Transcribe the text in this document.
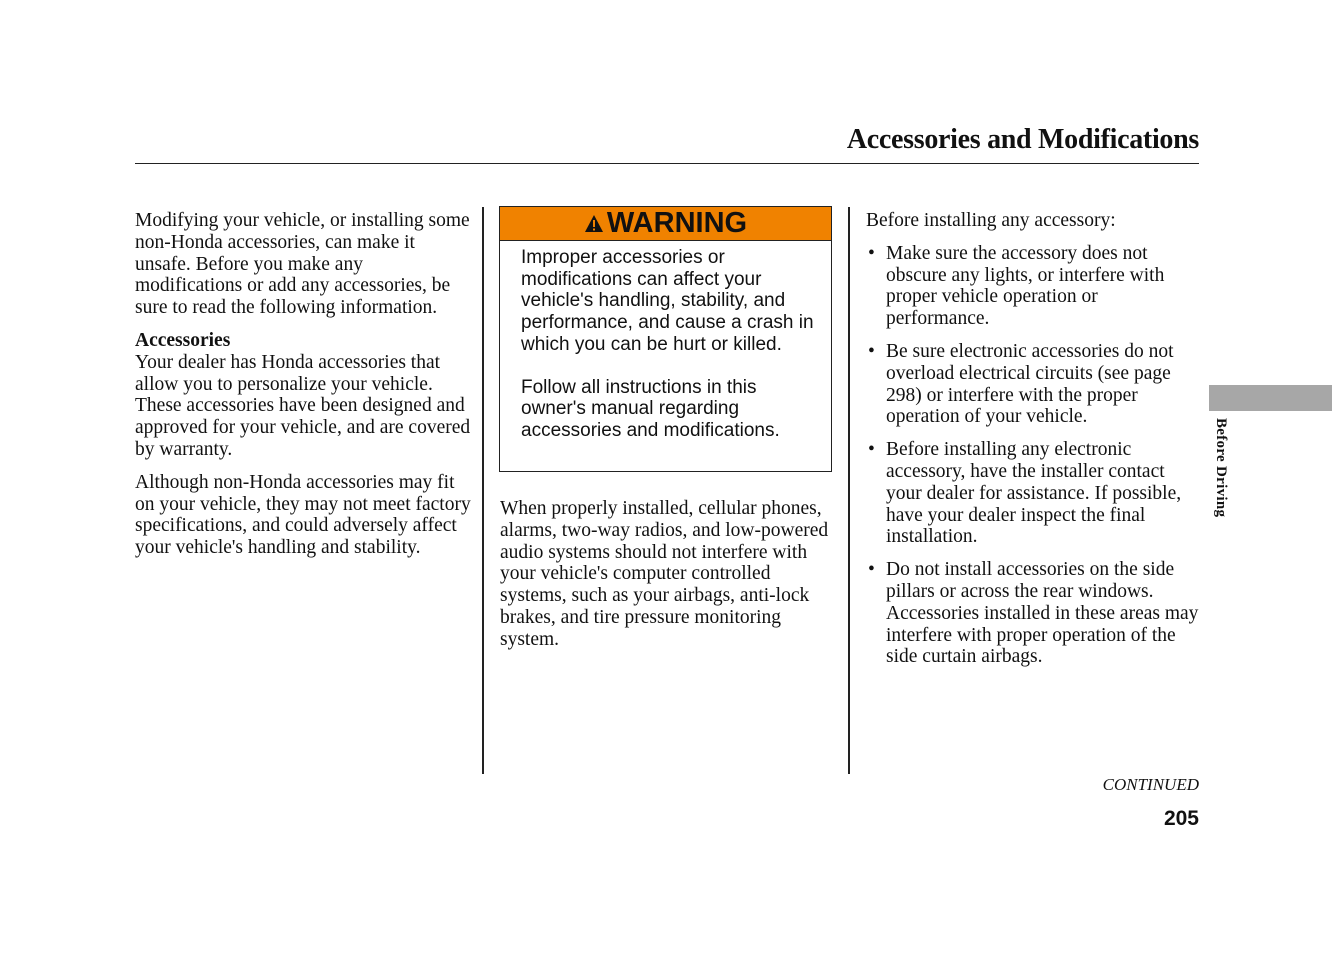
Accessories and Modifications

Modifying your vehicle, or installing some non-Honda accessories, can make it unsafe. Before you make any modifications or add any accessories, be sure to read the following information.

Accessories
Your dealer has Honda accessories that allow you to personalize your vehicle. These accessories have been designed and approved for your vehicle, and are covered by warranty.

Although non-Honda accessories may fit on your vehicle, they may not meet factory specifications, and could adversely affect your vehicle's handling and stability.

WARNING

Improper accessories or modifications can affect your vehicle's handling, stability, and performance, and cause a crash in which you can be hurt or killed.

Follow all instructions in this owner's manual regarding accessories and modifications.

When properly installed, cellular phones, alarms, two-way radios, and low-powered audio systems should not interfere with your vehicle's computer controlled systems, such as your airbags, anti-lock brakes, and tire pressure monitoring system.

Before installing any accessory:

• Make sure the accessory does not obscure any lights, or interfere with proper vehicle operation or performance.
• Be sure electronic accessories do not overload electrical circuits (see page 298) or interfere with the proper operation of your vehicle.
• Before installing any electronic accessory, have the installer contact your dealer for assistance. If possible, have your dealer inspect the final installation.
• Do not install accessories on the side pillars or across the rear windows. Accessories installed in these areas may interfere with proper operation of the side curtain airbags.
Before Driving
CONTINUED
205
